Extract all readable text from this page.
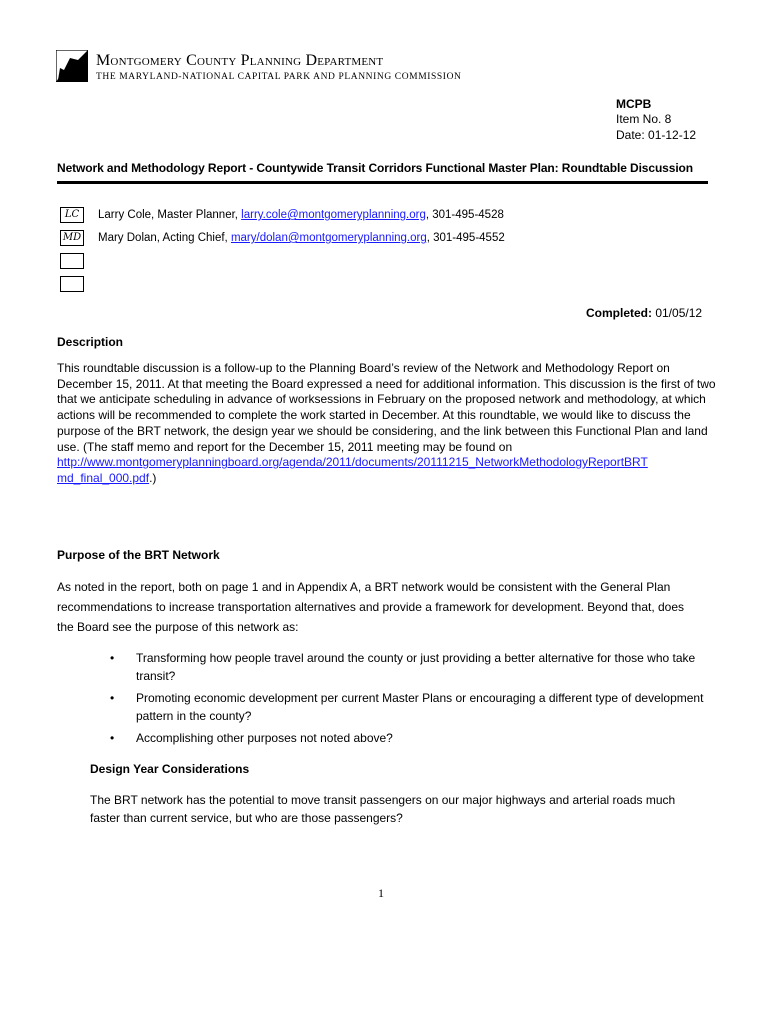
Montgomery County Planning Department
THE MARYLAND-NATIONAL CAPITAL PARK AND PLANNING COMMISSION
MCPB
Item No. 8
Date: 01-12-12
Network and Methodology Report - Countywide Transit Corridors Functional Master Plan: Roundtable Discussion
LC
MD
Larry Cole, Master Planner, larry.cole@montgomeryplanning.org, 301-495-4528
Mary Dolan, Acting Chief, mary/dolan@montgomeryplanning.org, 301-495-4552
Completed: 01/05/12
Description
This roundtable discussion is a follow-up to the Planning Board’s review of the Network and Methodology Report on December 15, 2011. At that meeting the Board expressed a need for additional information. This discussion is the first of two that we anticipate scheduling in advance of worksessions in February on the proposed network and methodology, at which actions will be recommended to complete the work started in December. At this roundtable, we would like to discuss the purpose of the BRT network, the design year we should be considering, and the link between this Functional Plan and land use. (The staff memo and report for the December 15, 2011 meeting may be found on
http://www.montgomeryplanningboard.org/agenda/2011/documents/20111215_NetworkMethodologyReportBRT
md_final_000.pdf.)
Purpose of the BRT Network
As noted in the report, both on page 1 and in Appendix A, a BRT network would be consistent with the General Plan recommendations to increase transportation alternatives and provide a framework for development. Beyond that, does the Board see the purpose of this network as:
• Transforming how people travel around the county or just providing a better alternative for those who take transit?
• Promoting economic development per current Master Plans or encouraging a different type of development pattern in the county?
• Accomplishing other purposes not noted above?
Design Year Considerations
The BRT network has the potential to move transit passengers on our major highways and arterial roads much faster than current service, but who are those passengers?
1
